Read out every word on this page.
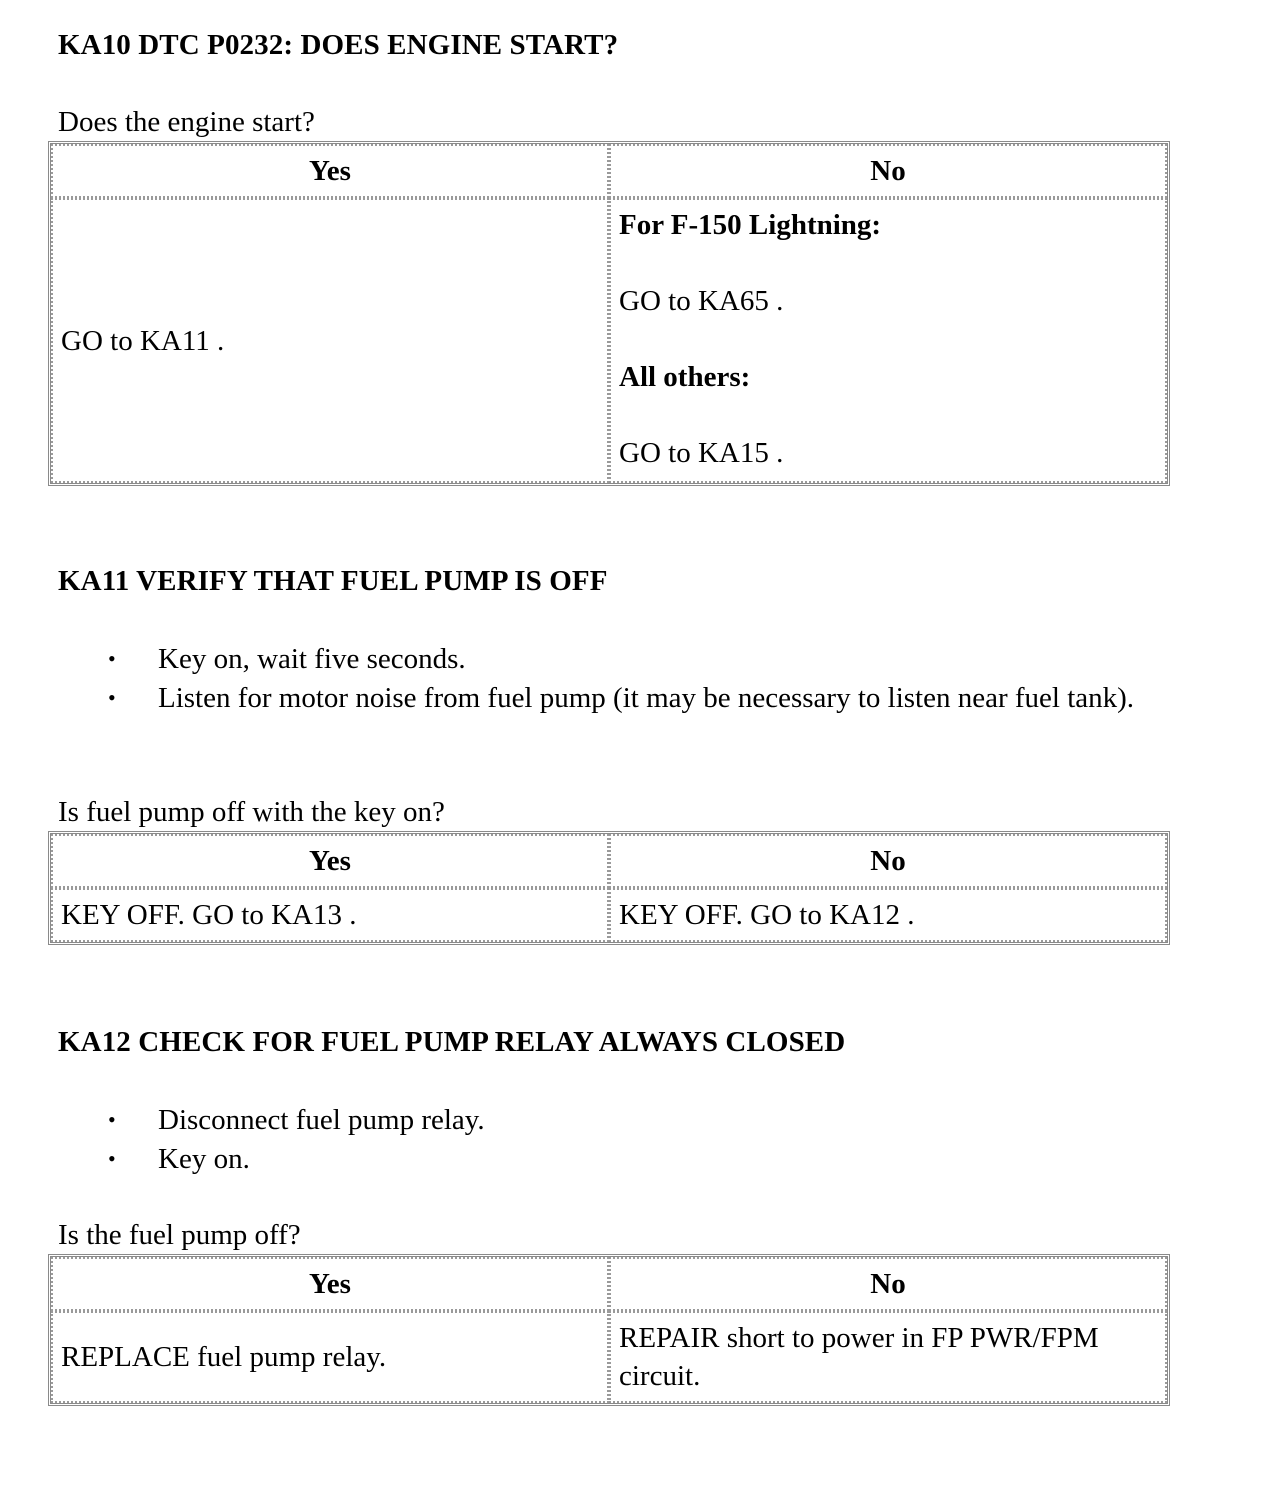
KA10 DTC P0232: DOES ENGINE START?

Does the engine start?

Yes	No
GO to KA11 .	For F-150 Lightning:

GO to KA65 .

All others:

GO to KA15 .

KA11 VERIFY THAT FUEL PUMP IS OFF
• Key on, wait five seconds.
• Listen for motor noise from fuel pump (it may be necessary to listen near fuel tank).

Is fuel pump off with the key on?

Yes	No
KEY OFF. GO to KA13 .	KEY OFF. GO to KA12 .
KA12 CHECK FOR FUEL PUMP RELAY ALWAYS CLOSED
• Disconnect fuel pump relay.
• Key on.

Is the fuel pump off?

Yes	No
REPLACE fuel pump relay.	REPAIR short to power in FP PWR/FPM circuit.
